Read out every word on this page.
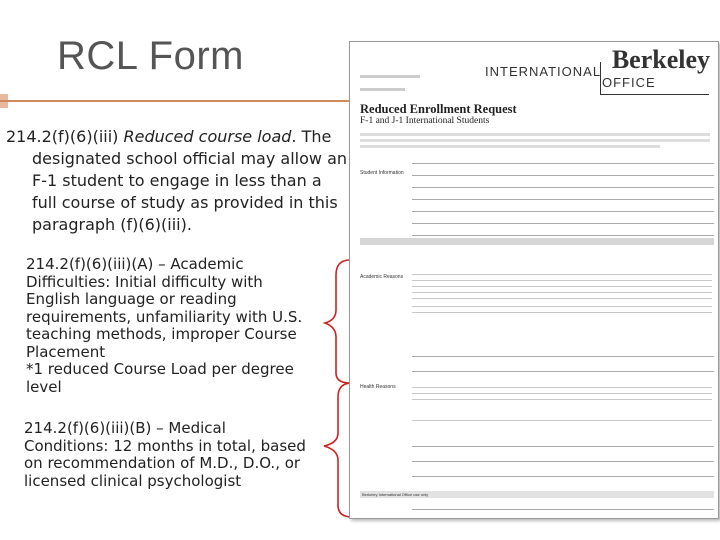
RCL Form
214.2(f)(6)(iii) Reduced course load. The
designated school official may allow an F-1 student to engage in less than a full course of study as provided in this paragraph (f)(6)(iii).
214.2(f)(6)(iii)(A) – Academic Difficulties: Initial difficulty with English language or reading requirements, unfamiliarity with U.S. teaching methods, improper Course Placement
*1 reduced Course Load per degree level
214.2(f)(6)(iii)(B) – Medical Conditions: 12 months in total, based on recommendation of M.D., D.O., or licensed clinical psychologist
Berkeley
INTERNATIONAL
OFFICE
Reduced Enrollment Request
F-1 and J-1 International Students
Student Information
Academic Reasons
Health Reasons
Berkeley International Office use only
